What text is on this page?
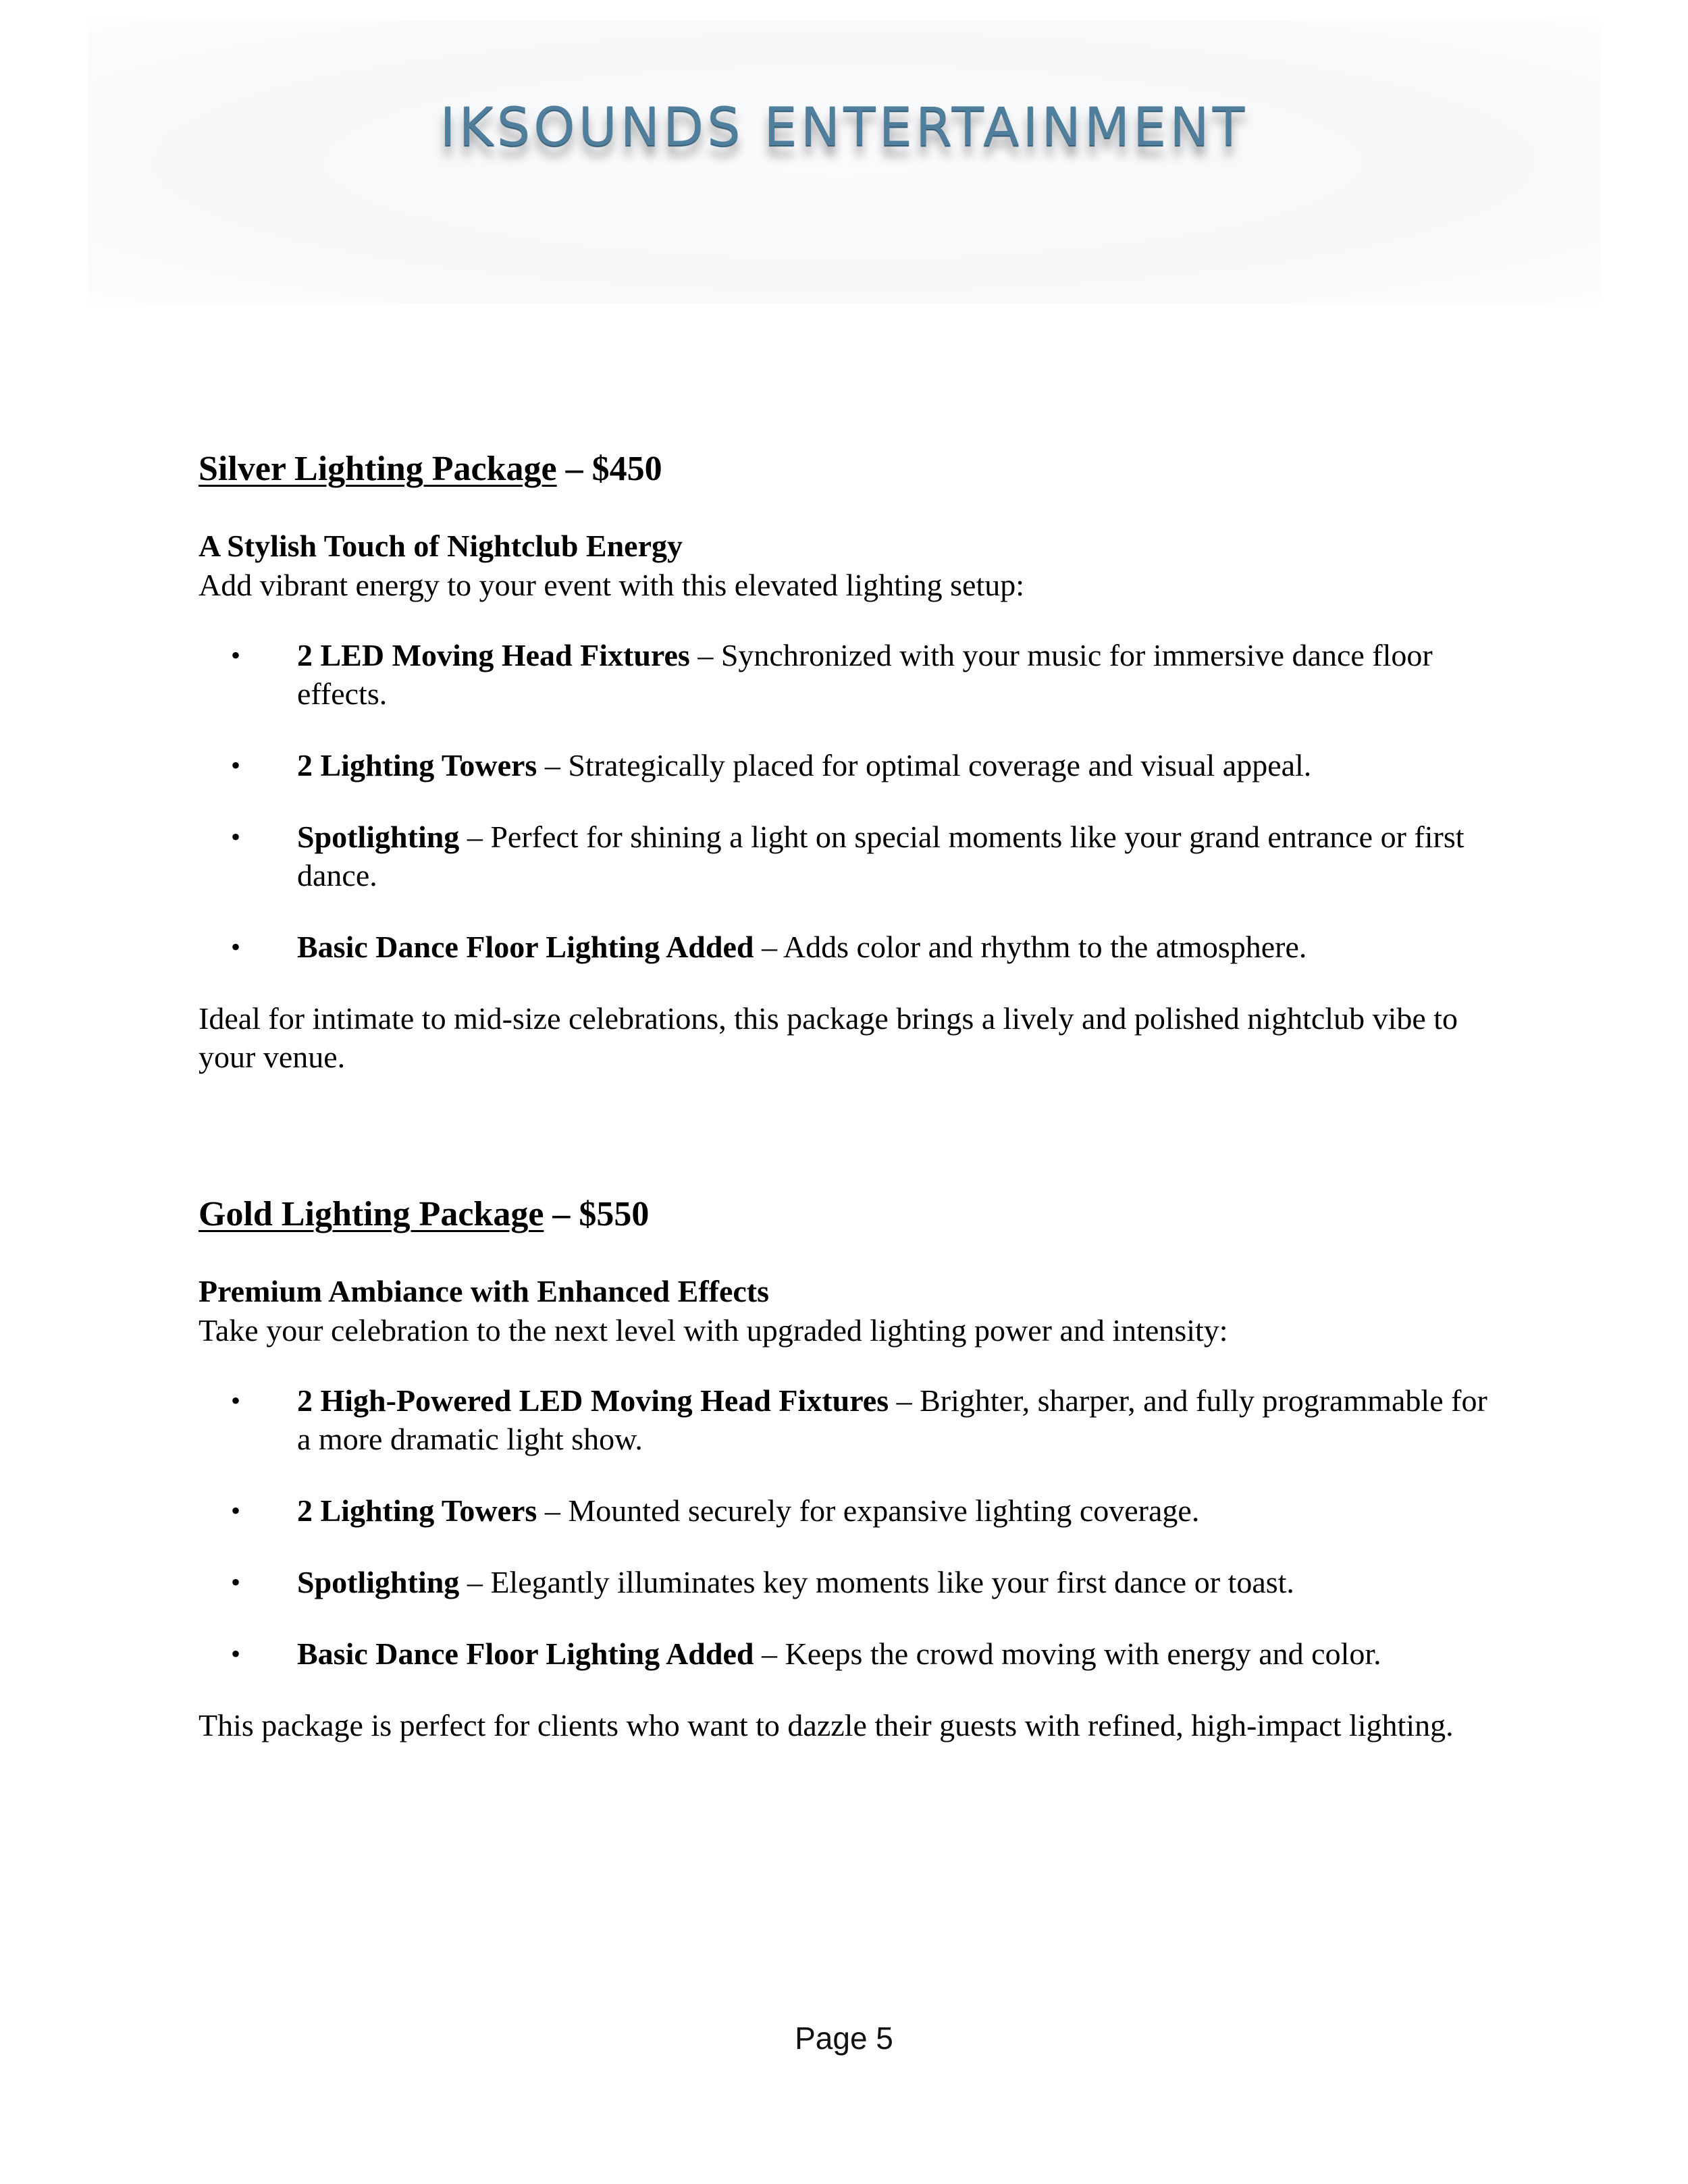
IKSOUNDS ENTERTAINMENT
Silver Lighting Package – $450

A Stylish Touch of Nightclub Energy

Add vibrant energy to your event with this elevated lighting setup:

• 2 LED Moving Head Fixtures – Synchronized with your music for immersive dance floor effects.
• 2 Lighting Towers – Strategically placed for optimal coverage and visual appeal.
• Spotlighting – Perfect for shining a light on special moments like your grand entrance or first dance.
• Basic Dance Floor Lighting Added – Adds color and rhythm to the atmosphere.

Ideal for intimate to mid-size celebrations, this package brings a lively and polished nightclub vibe to your venue.

Gold Lighting Package – $550

Premium Ambiance with Enhanced Effects

Take your celebration to the next level with upgraded lighting power and intensity:

• 2 High-Powered LED Moving Head Fixtures – Brighter, sharper, and fully programmable for a more dramatic light show.
• 2 Lighting Towers – Mounted securely for expansive lighting coverage.
• Spotlighting – Elegantly illuminates key moments like your first dance or toast.
• Basic Dance Floor Lighting Added – Keeps the crowd moving with energy and color.

This package is perfect for clients who want to dazzle their guests with refined, high-impact lighting.

Page 5
